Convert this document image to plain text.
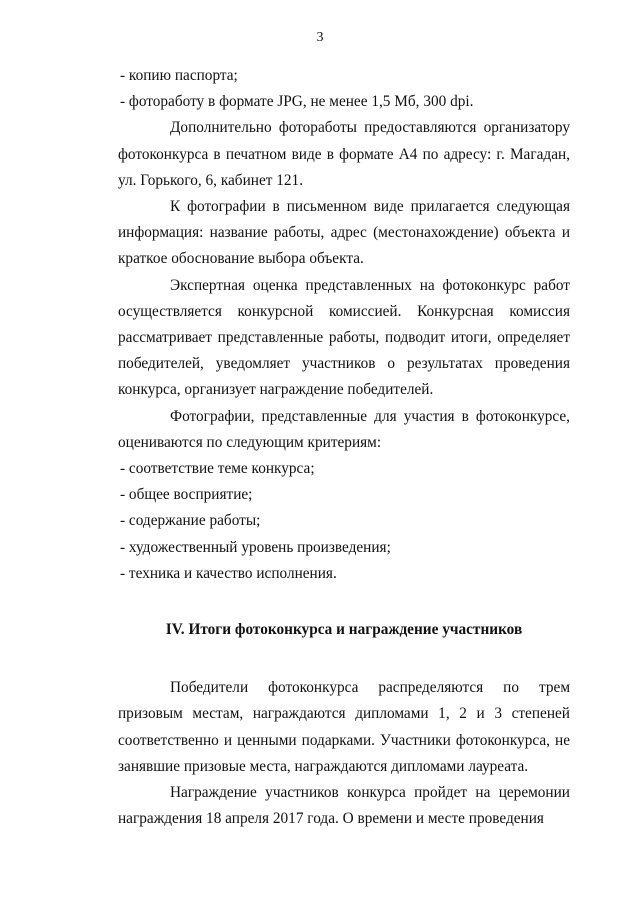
3

- копию паспорта;

- фотоработу в формате JPG, не менее 1,5 Мб, 300 dpi.

Дополнительно фотоработы предоставляются организатору фотоконкурса в печатном виде в формате А4 по адресу: г. Магадан, ул. Горького, 6, кабинет 121.

К фотографии в письменном виде прилагается следующая информация: название работы, адрес (местонахождение) объекта и краткое обоснование выбора объекта.

Экспертная оценка представленных на фотоконкурс работ осуществляется конкурсной комиссией. Конкурсная комиссия рассматривает представленные работы, подводит итоги, определяет победителей, уведомляет участников о результатах проведения конкурса, организует награждение победителей.

Фотографии, представленные для участия в фотоконкурсе, оцениваются по следующим критериям:

- соответствие теме конкурса;

- общее восприятие;

- содержание работы;

- художественный уровень произведения;

- техника и качество исполнения.

IV. Итоги фотоконкурса и награждение участников

Победители фотоконкурса распределяются по трем призовым местам, награждаются дипломами 1, 2 и 3 степеней соответственно и ценными подарками. Участники фотоконкурса, не занявшие призовые места, награждаются дипломами лауреата.

Награждение участников конкурса пройдет на церемонии награждения 18 апреля 2017 года. О времени и месте проведения
